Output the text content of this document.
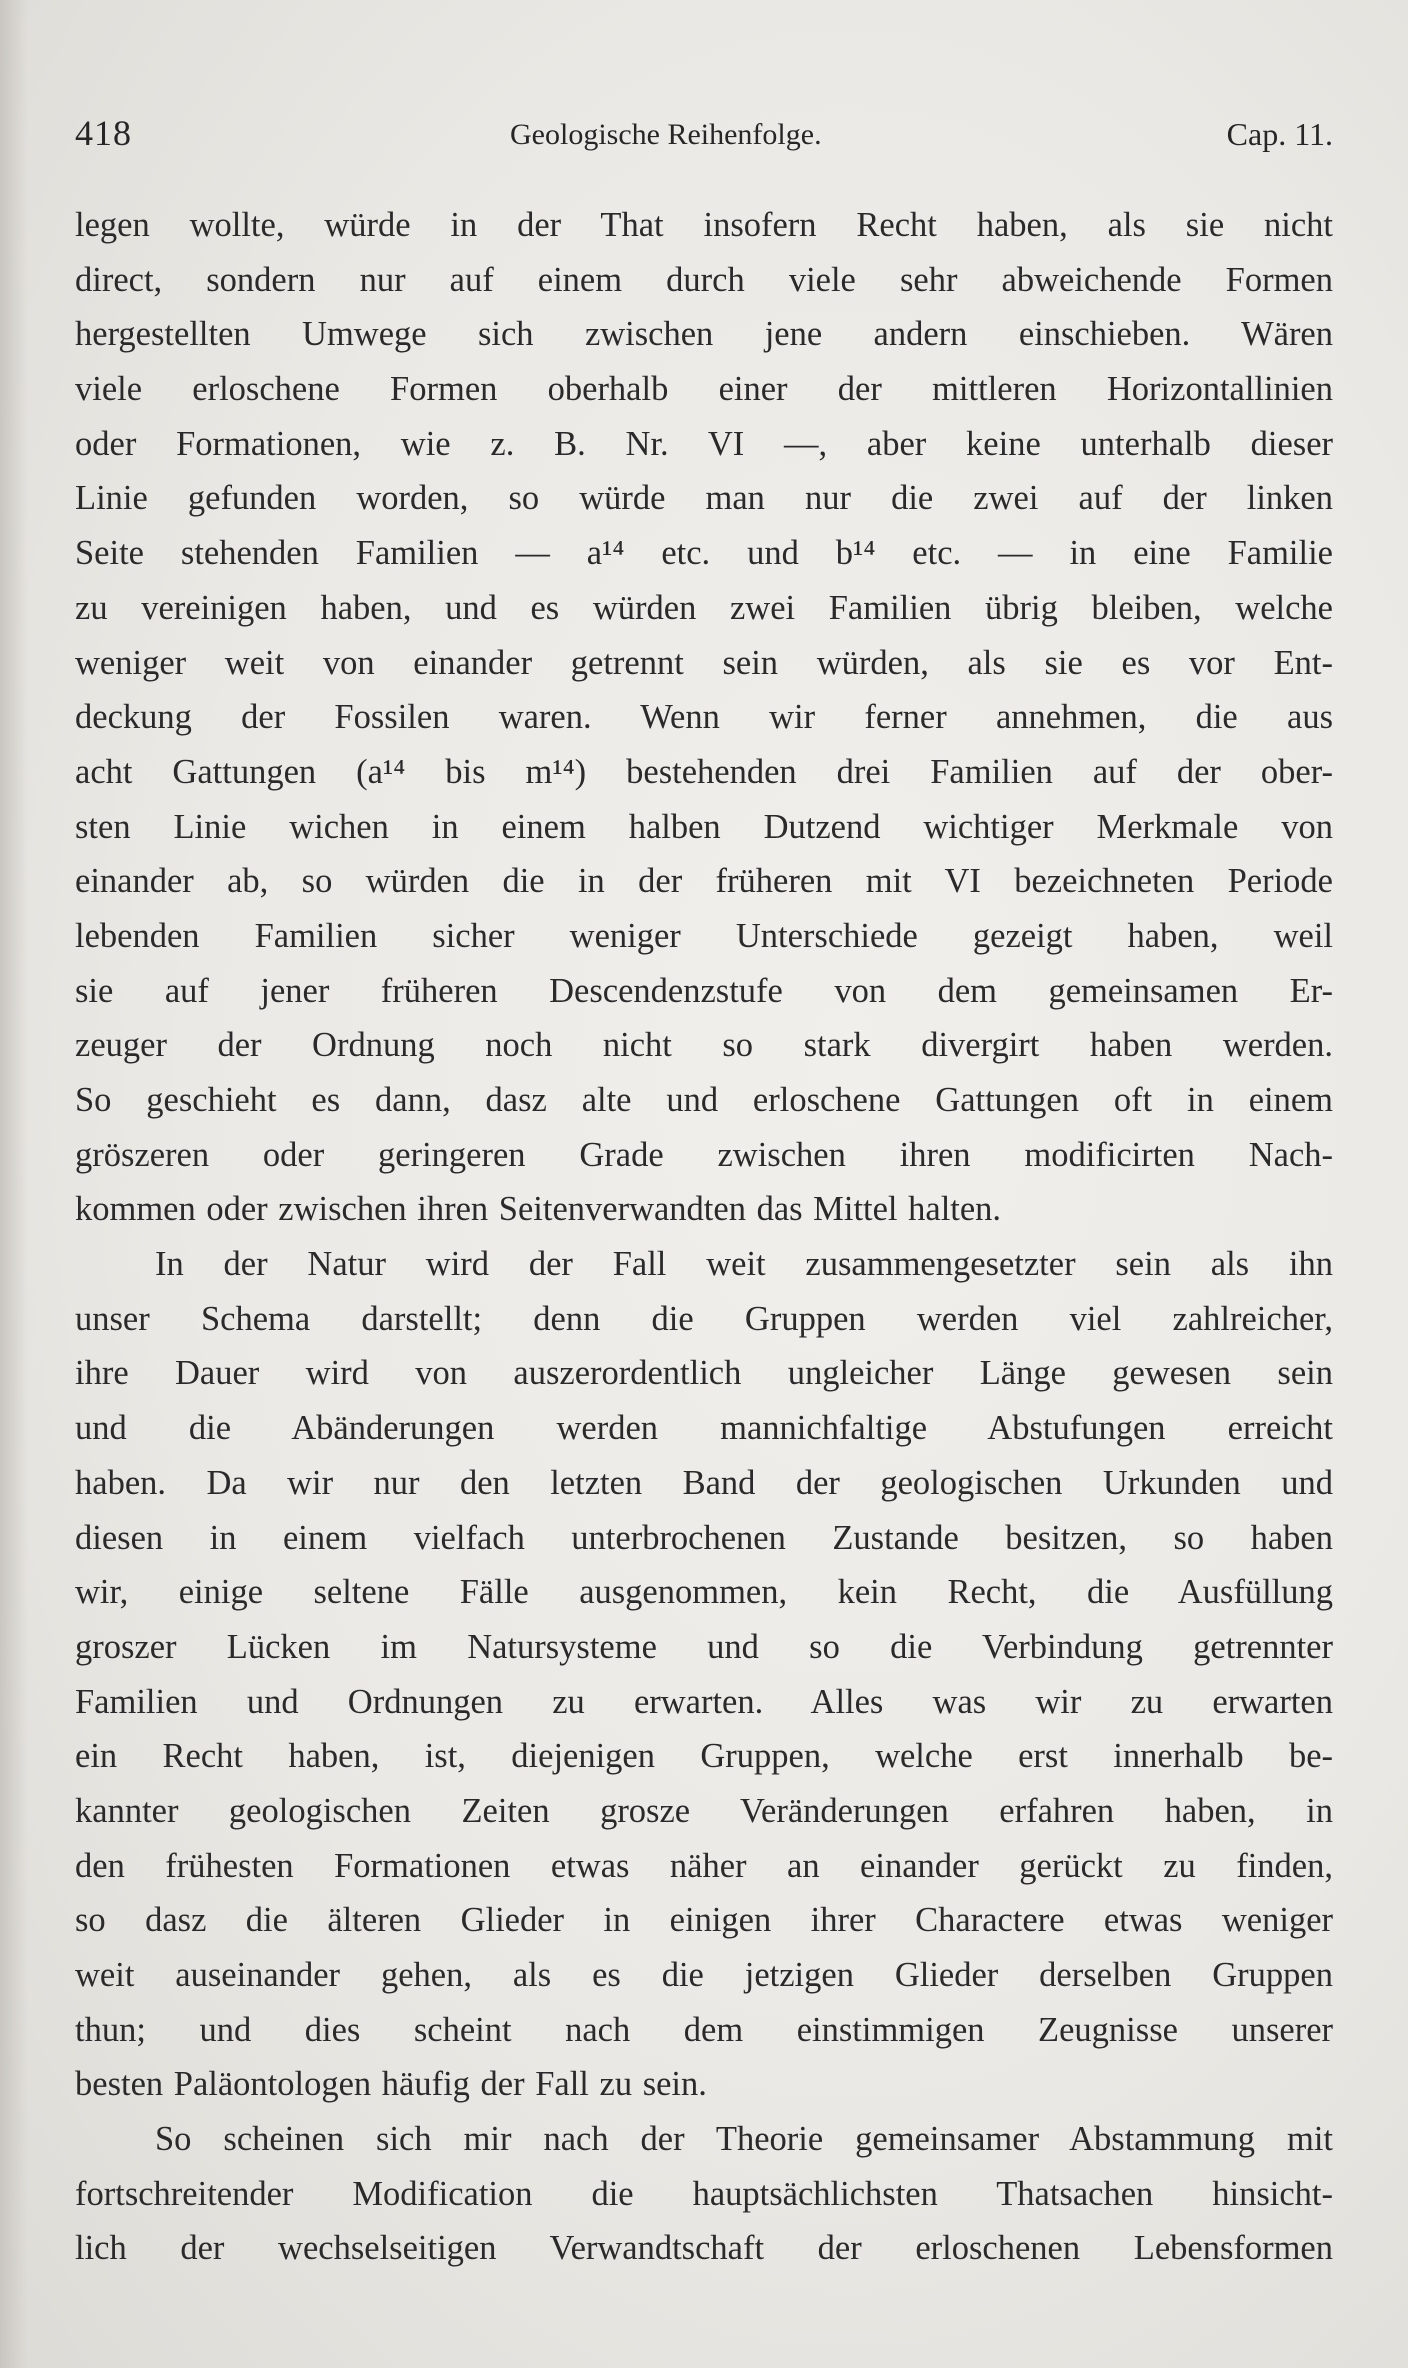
418	Geologische Reihenfolge.	Cap. 11.
legen wollte, würde in der That insofern Recht haben, als sie nicht
direct, sondern nur auf einem durch viele sehr abweichende Formen
hergestellten Umwege sich zwischen jene andern einschieben. Wären
viele erloschene Formen oberhalb einer der mittleren Horizontallinien
oder Formationen, wie z. B. Nr. VI —, aber keine unterhalb dieser
Linie gefunden worden, so würde man nur die zwei auf der linken
Seite stehenden Familien — a¹⁴ etc. und b¹⁴ etc. — in eine Familie
zu vereinigen haben, und es würden zwei Familien übrig bleiben, welche
weniger weit von einander getrennt sein würden, als sie es vor Ent-
deckung der Fossilen waren. Wenn wir ferner annehmen, die aus
acht Gattungen (a¹⁴ bis m¹⁴) bestehenden drei Familien auf der ober-
sten Linie wichen in einem halben Dutzend wichtiger Merkmale von
einander ab, so würden die in der früheren mit VI bezeichneten Periode
lebenden Familien sicher weniger Unterschiede gezeigt haben, weil
sie auf jener früheren Descendenzstufe von dem gemeinsamen Er-
zeuger der Ordnung noch nicht so stark divergirt haben werden.
So geschieht es dann, dasz alte und erloschene Gattungen oft in einem
gröszeren oder geringeren Grade zwischen ihren modificirten Nach-
kommen oder zwischen ihren Seitenverwandten das Mittel halten.
In der Natur wird der Fall weit zusammengesetzter sein als ihn
unser Schema darstellt; denn die Gruppen werden viel zahlreicher,
ihre Dauer wird von auszerordentlich ungleicher Länge gewesen sein
und die Abänderungen werden mannichfaltige Abstufungen erreicht
haben. Da wir nur den letzten Band der geologischen Urkunden und
diesen in einem vielfach unterbrochenen Zustande besitzen, so haben
wir, einige seltene Fälle ausgenommen, kein Recht, die Ausfüllung
groszer Lücken im Natursysteme und so die Verbindung getrennter
Familien und Ordnungen zu erwarten. Alles was wir zu erwarten
ein Recht haben, ist, diejenigen Gruppen, welche erst innerhalb be-
kannter geologischen Zeiten grosze Veränderungen erfahren haben, in
den frühesten Formationen etwas näher an einander gerückt zu finden,
so dasz die älteren Glieder in einigen ihrer Charactere etwas weniger
weit auseinander gehen, als es die jetzigen Glieder derselben Gruppen
thun; und dies scheint nach dem einstimmigen Zeugnisse unserer
besten Paläontologen häufig der Fall zu sein.
So scheinen sich mir nach der Theorie gemeinsamer Abstammung mit
fortschreitender Modification die hauptsächlichsten Thatsachen hinsicht-
lich der wechselseitigen Verwandtschaft der erloschenen Lebensformen
